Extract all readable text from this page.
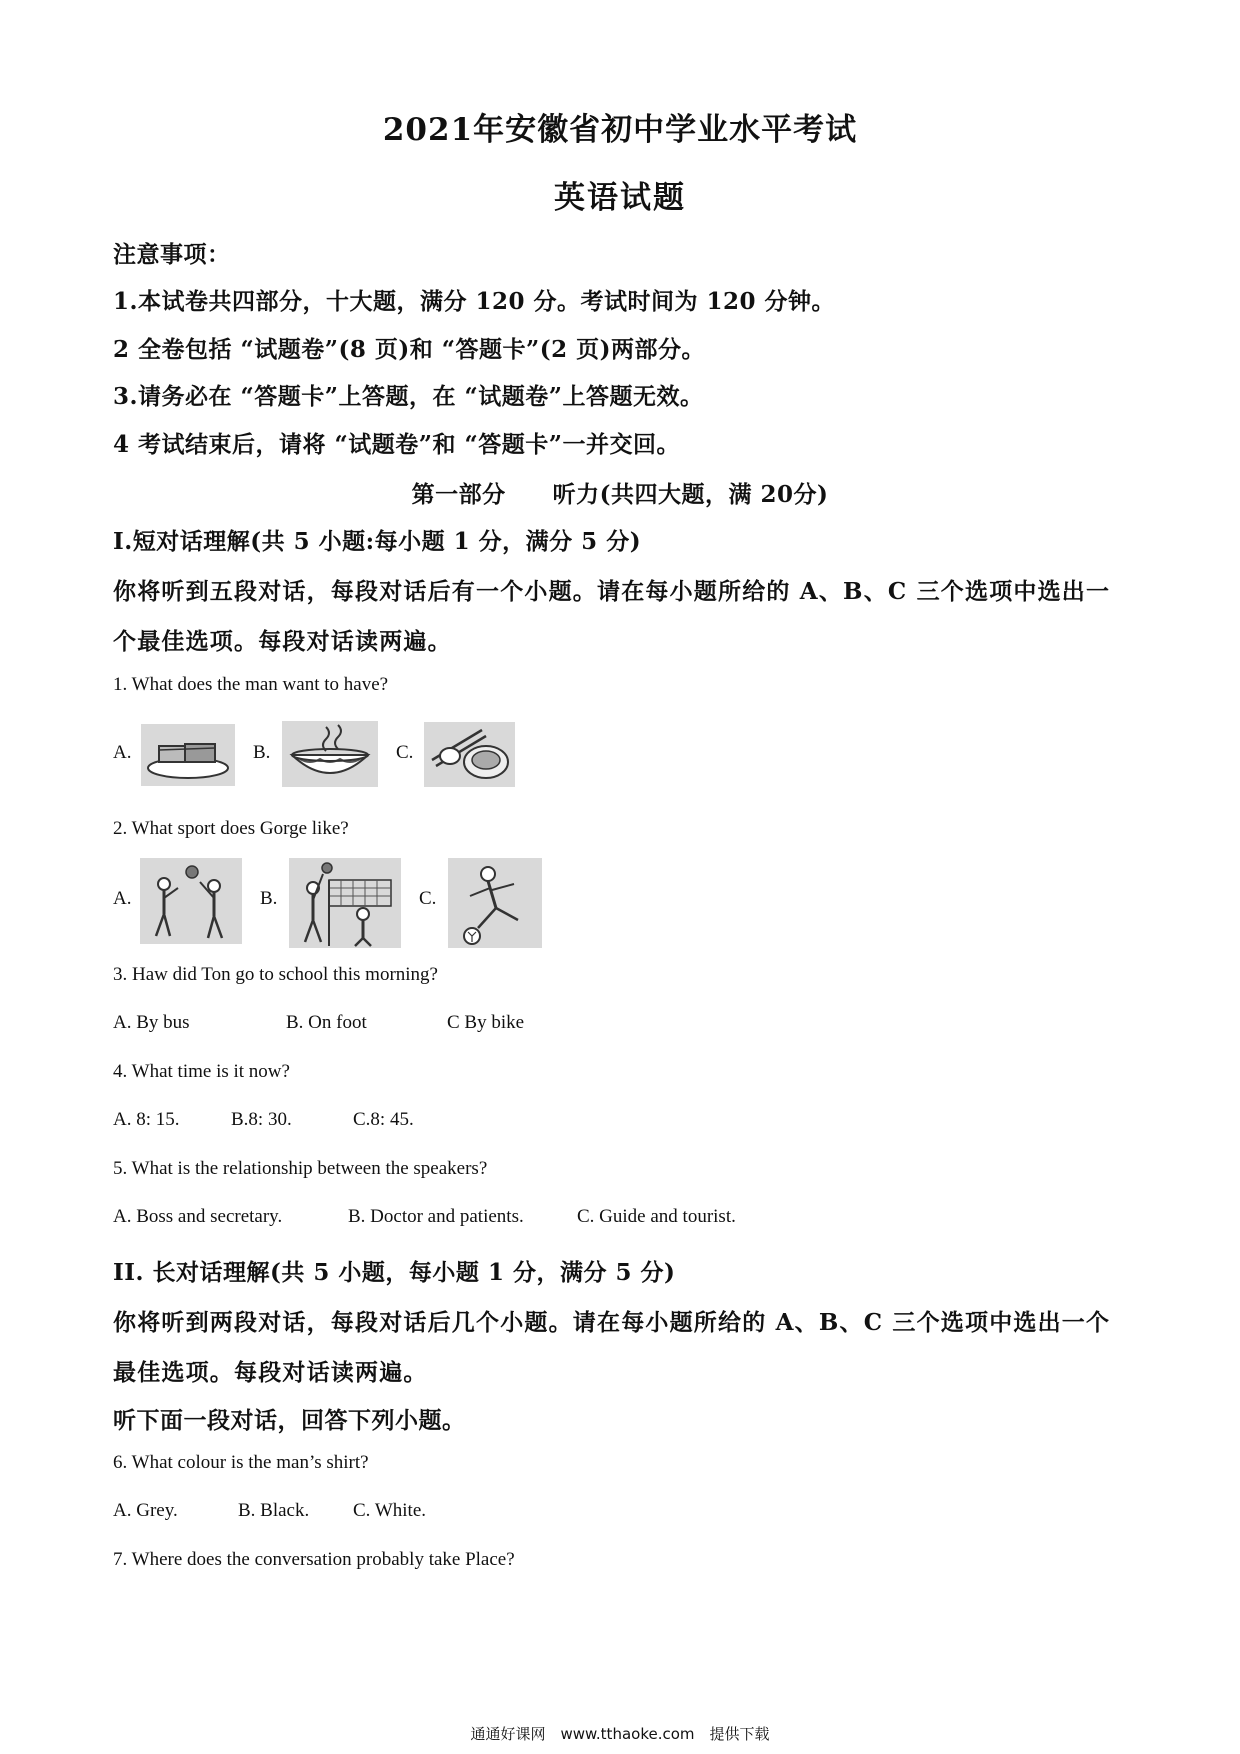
2021年安徽省初中学业水平考试
英语试题
注意事项：
1.本试卷共四部分，十大题，满分 120 分。考试时间为 120 分钟。
2 全卷包括 “试题卷”(8 页)和 “答题卡”(2 页)两部分。
3.请务必在 “答题卡”上答题，在 “试题卷”上答题无效。
4 考试结束后，请将 “试题卷”和 “答题卡”一并交回。
第一部分　　听力(共四大题，满 20分)
I.短对话理解(共 5 小题:每小题 1 分，满分 5 分)
你将听到五段对话，每段对话后有一个小题。请在每小题所给的 A、B、C 三个选项中选出一
个最佳选项。每段对话读两遍。
1. What does the man want to have?
A.	B.	C.
2. What sport does Gorge like?
A.	B.	C.
3. Haw did Ton go to school this morning?
A. By bus	B. On foot	C By bike
4. What time is it now?
A. 8: 15.	B.8: 30.	C.8: 45.
5. What is the relationship between the speakers?
A. Boss and secretary.	B. Doctor and patients.	C. Guide and tourist.
II. 长对话理解(共 5 小题，每小题 1 分，满分 5 分)
你将听到两段对话，每段对话后几个小题。请在每小题所给的 A、B、C 三个选项中选出一个
最佳选项。每段对话读两遍。
听下面一段对话，回答下列小题。
6. What colour is the man’s shirt?
A. Grey.	B. Black. C. White.
7. Where does the conversation probably take Place?
通通好课网　www.tthaoke.com　提供下载
